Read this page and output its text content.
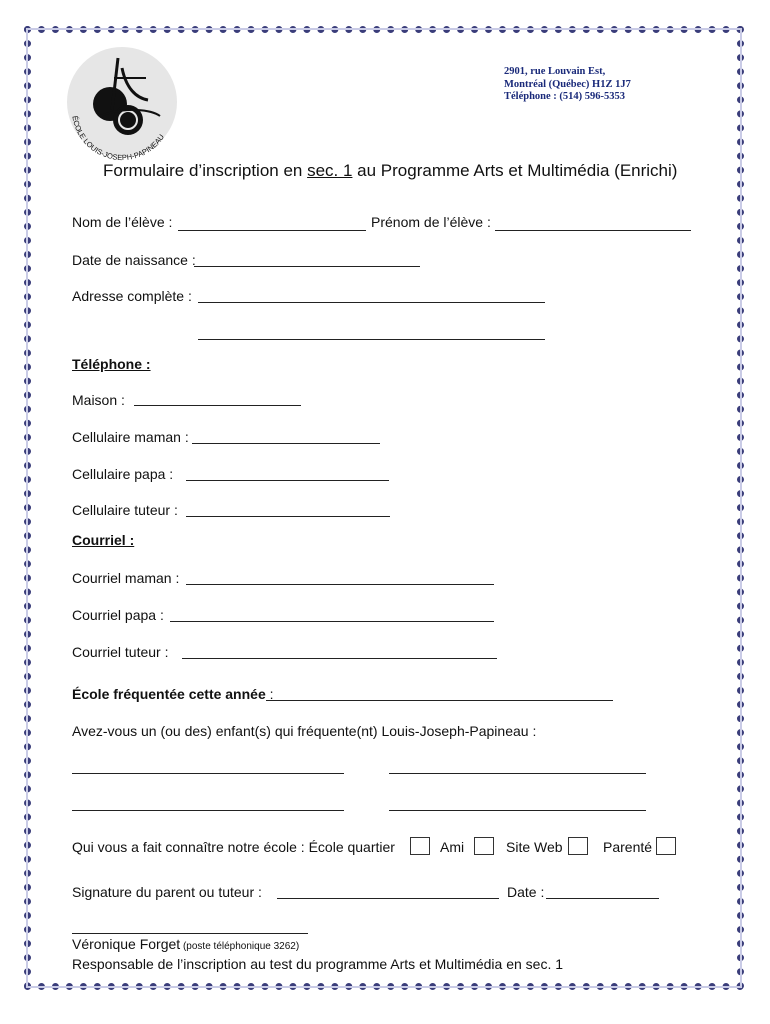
ÉCOLE LOUIS-JOSEPH-PAPINEAU
2901, rue Louvain Est,
Montréal (Québec) H1Z 1J7
Téléphone : (514) 596-5353
Formulaire d’inscription en sec. 1 au Programme Arts et Multimédia (Enrichi)
Nom de l’élève :	Prénom de l’élève :
Date de naissance :
Adresse complète :
Téléphone :
Maison :
Cellulaire maman :
Cellulaire papa :
Cellulaire tuteur :
Courriel :
Courriel maman :
Courriel papa :
Courriel tuteur :
École fréquentée cette année :
Avez-vous un (ou des) enfant(s) qui fréquente(nt) Louis-Joseph-Papineau :
Qui vous a fait connaître notre école : École quartier	Ami	Site Web	Parenté
Signature du parent ou tuteur :	Date :
Véronique Forget (poste téléphonique 3262)
Responsable de l’inscription au test du programme Arts et Multimédia en sec. 1
